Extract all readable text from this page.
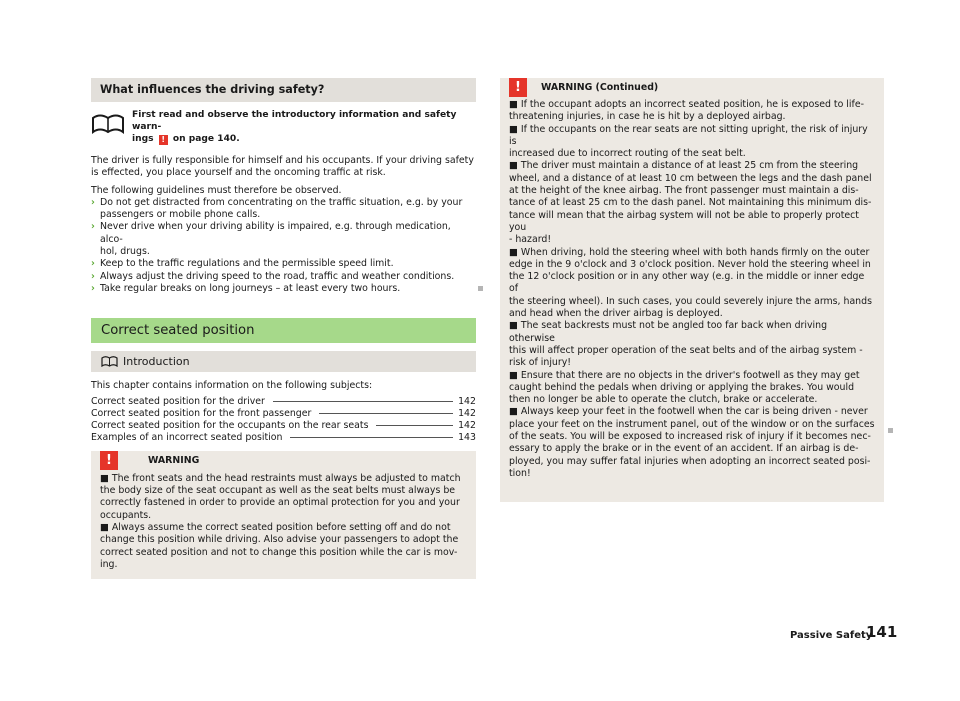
What influences the driving safety?
First read and observe the introductory information and safety warn-
ings ! on page 140.
The driver is fully responsible for himself and his occupants. If your driving safety
is effected, you place yourself and the oncoming traffic at risk.

The following guidelines must therefore be observed.

› Do not get distracted from concentrating on the traffic situation, e.g. by your
passengers or mobile phone calls.
› Never drive when your driving ability is impaired, e.g. through medication, alco-
hol, drugs.
› Keep to the traffic regulations and the permissible speed limit.
› Always adjust the driving speed to the road, traffic and weather conditions.
› Take regular breaks on long journeys – at least every two hours.
Correct seated position
Introduction

This chapter contains information on the following subjects:

Correct seated position for the driver	142
Correct seated position for the front passenger	142
Correct seated position for the occupants on the rear seats	142
Examples of an incorrect seated position	143
!	WARNING

■ The front seats and the head restraints must always be adjusted to match

the body size of the seat occupant as well as the seat belts must always be

correctly fastened in order to provide an optimal protection for you and your

occupants.

■ Always assume the correct seated position before setting off and do not

change this position while driving. Also advise your passengers to adopt the

correct seated position and not to change this position while the car is mov-

ing.

!	WARNING (Continued)

■ If the occupant adopts an incorrect seated position, he is exposed to life-

threatening injuries, in case he is hit by a deployed airbag.

■ If the occupants on the rear seats are not sitting upright, the risk of injury is

increased due to incorrect routing of the seat belt.

■ The driver must maintain a distance of at least 25 cm from the steering

wheel, and a distance of at least 10 cm between the legs and the dash panel

at the height of the knee airbag. The front passenger must maintain a dis-

tance of at least 25 cm to the dash panel. Not maintaining this minimum dis-

tance will mean that the airbag system will not be able to properly protect you

- hazard!

■ When driving, hold the steering wheel with both hands firmly on the outer

edge in the 9 o'clock and 3 o'clock position. Never hold the steering wheel in

the 12 o'clock position or in any other way (e.g. in the middle or inner edge of

the steering wheel). In such cases, you could severely injure the arms, hands

and head when the driver airbag is deployed.

■ The seat backrests must not be angled too far back when driving otherwise

this will affect proper operation of the seat belts and of the airbag system -

risk of injury!

■ Ensure that there are no objects in the driver's footwell as they may get

caught behind the pedals when driving or applying the brakes. You would

then no longer be able to operate the clutch, brake or accelerate.

■ Always keep your feet in the footwell when the car is being driven - never

place your feet on the instrument panel, out of the window or on the surfaces

of the seats. You will be exposed to increased risk of injury if it becomes nec-

essary to apply the brake or in the event of an accident. If an airbag is de-

ployed, you may suffer fatal injuries when adopting an incorrect seated posi-

tion!

Passive Safety
141
